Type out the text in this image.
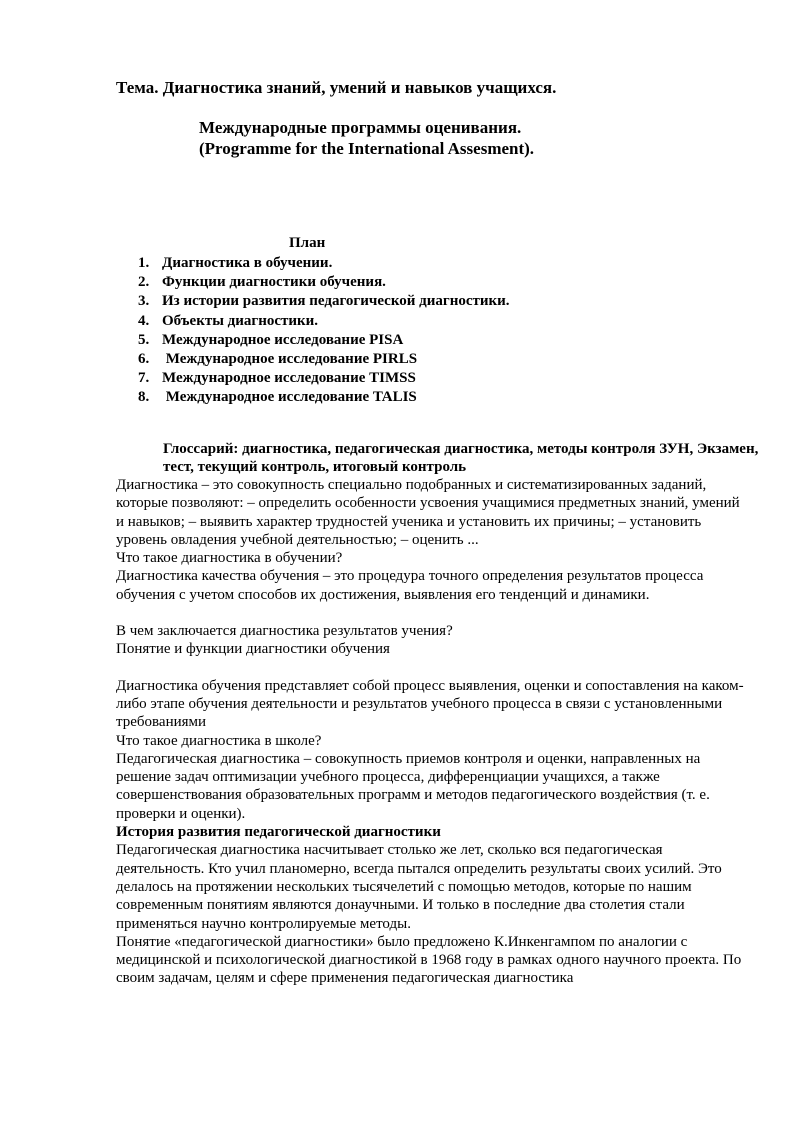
Тема. Диагностика знаний, умений и навыков учащихся.
Международные программы оценивания.
(Programme for the International Assesment).
План
1. Диагностика в обучении.
2. Функции диагностики обучения.
3. Из истории развития педагогической диагностики.
4. Объекты диагностики.
5. Международное исследование PISA
6. Международное исследование PIRLS
7. Международное исследование TIMSS
8. Международное исследование TALIS
Глоссарий: диагностика, педагогическая диагностика, методы контроля ЗУН, Экзамен, тест, текущий контроль, итоговый контроль

Диагностика – это совокупность специально подобранных и систематизированных заданий, которые позволяют: – определить особенности усвоения учащимися предметных знаний, умений и навыков; – выявить характер трудностей ученика и установить их причины; – установить уровень овладения учебной деятельностью; – оценить ...

Что такое диагностика в обучении?

Диагностика качества обучения – это процедура точного определения результатов процесса обучения с учетом способов их достижения, выявления его тенденций и динамики.

В чем заключается диагностика результатов учения?

Понятие и функции диагностики обучения

Диагностика обучения представляет собой процесс выявления, оценки и сопоставления на каком-либо этапе обучения деятельности и результатов учебного процесса в связи с установленными требованиями

Что такое диагностика в школе?

Педагогическая диагностика – совокупность приемов контроля и оценки, направленных на решение задач оптимизации учебного процесса, дифференциации учащихся, а также совершенствования образовательных программ и методов педагогического воздействия (т. е. проверки и оценки).

История развития педагогической диагностики

Педагогическая диагностика насчитывает столько же лет, сколько вся педагогическая деятельность. Кто учил планомерно, всегда пытался определить результаты своих усилий. Это делалось на протяжении нескольких тысячелетий с помощью методов, которые по нашим современным понятиям являются донаучными. И только в последние два столетия стали применяться научно контролируемые методы.

Понятие «педагогической диагностики» было предложено К.Инкенгампом по аналогии с медицинской и психологической диагностикой в 1968 году в рамках одного научного проекта. По своим задачам, целям и сфере применения педагогическая диагностика
